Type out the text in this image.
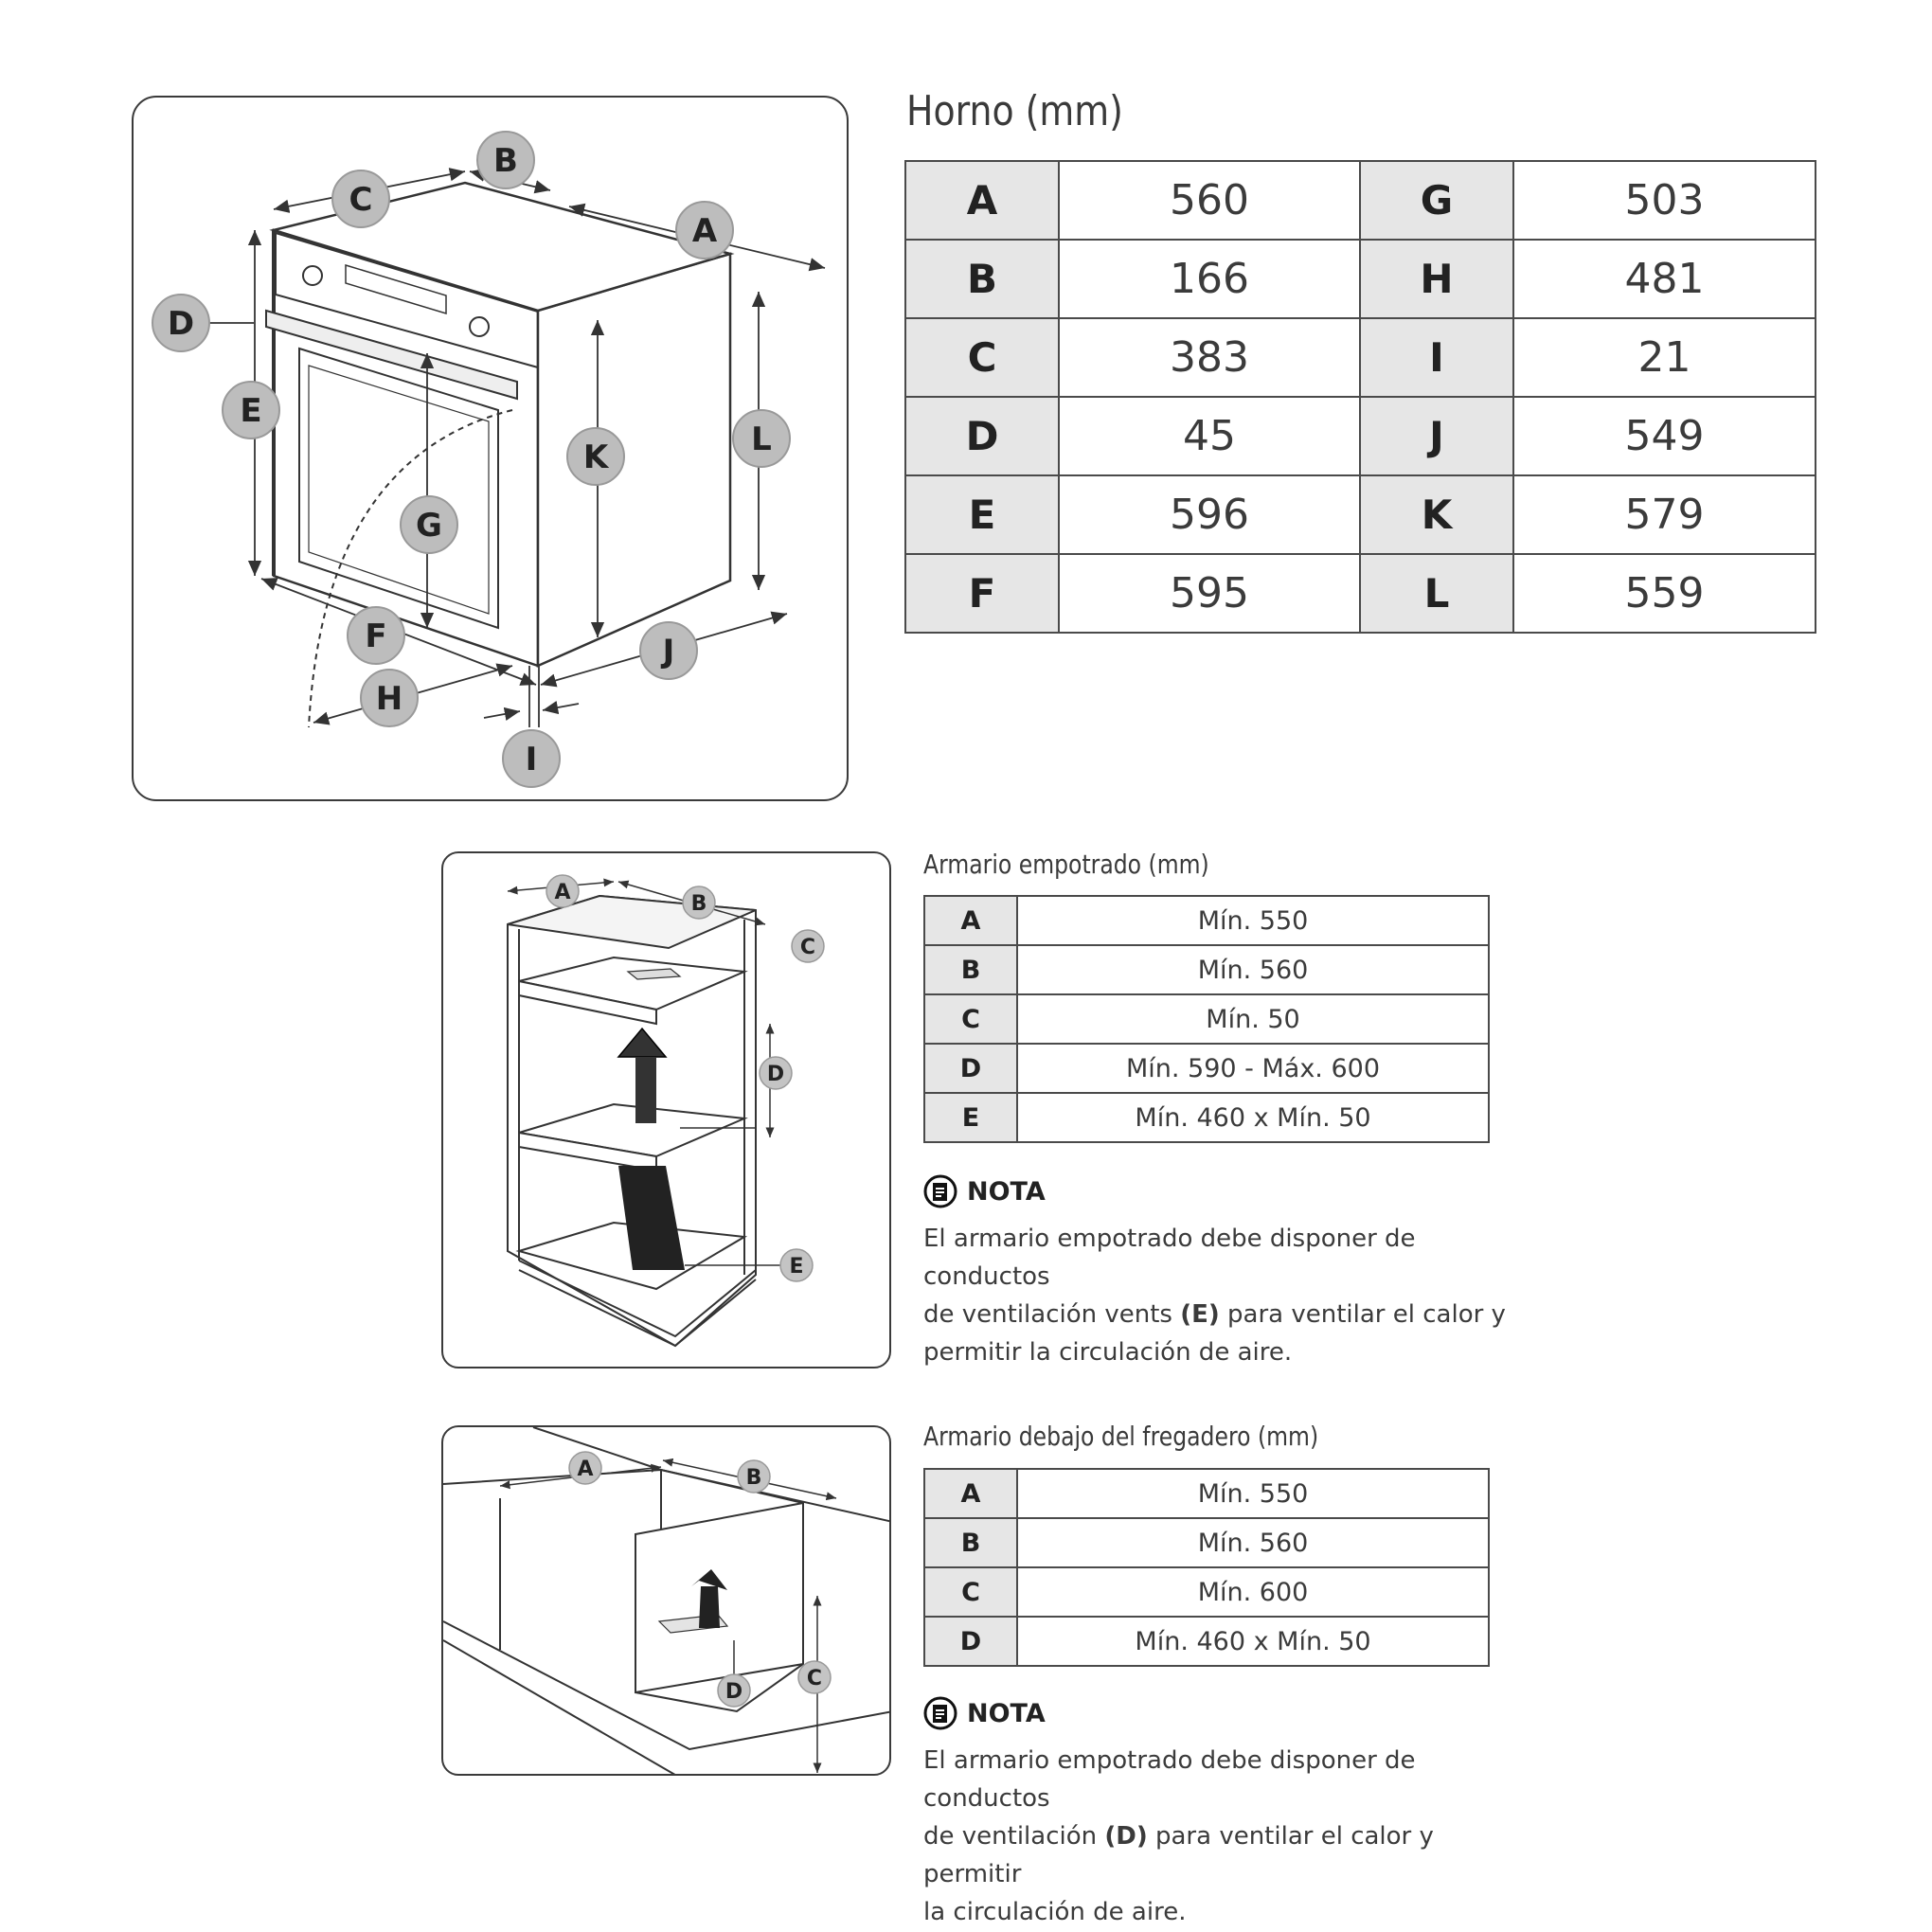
A
B
C
D
E
G
K	L
F
H
J
I
Horno (mm)
A	560	G	503
B	166	H	481
C	383	I	21
D	45	J	549
E	596	K	579
F	595	L	559
A	B
C
D
E
Armario empotrado (mm)
A	Mín. 550
B	Mín. 560
C	Mín. 50
D	Mín. 590 - Máx. 600
E	Mín. 460 x Mín. 50
NOTA
El armario empotrado debe disponer de conductos
de ventilación vents (E) para ventilar el calor y
permitir la circulación de aire.
A	B
C
D
Armario debajo del fregadero (mm)
A	Mín. 550
B	Mín. 560
C	Mín. 600
D	Mín. 460 x Mín. 50
NOTA
El armario empotrado debe disponer de conductos
de ventilación (D) para ventilar el calor y permitir
la circulación de aire.
